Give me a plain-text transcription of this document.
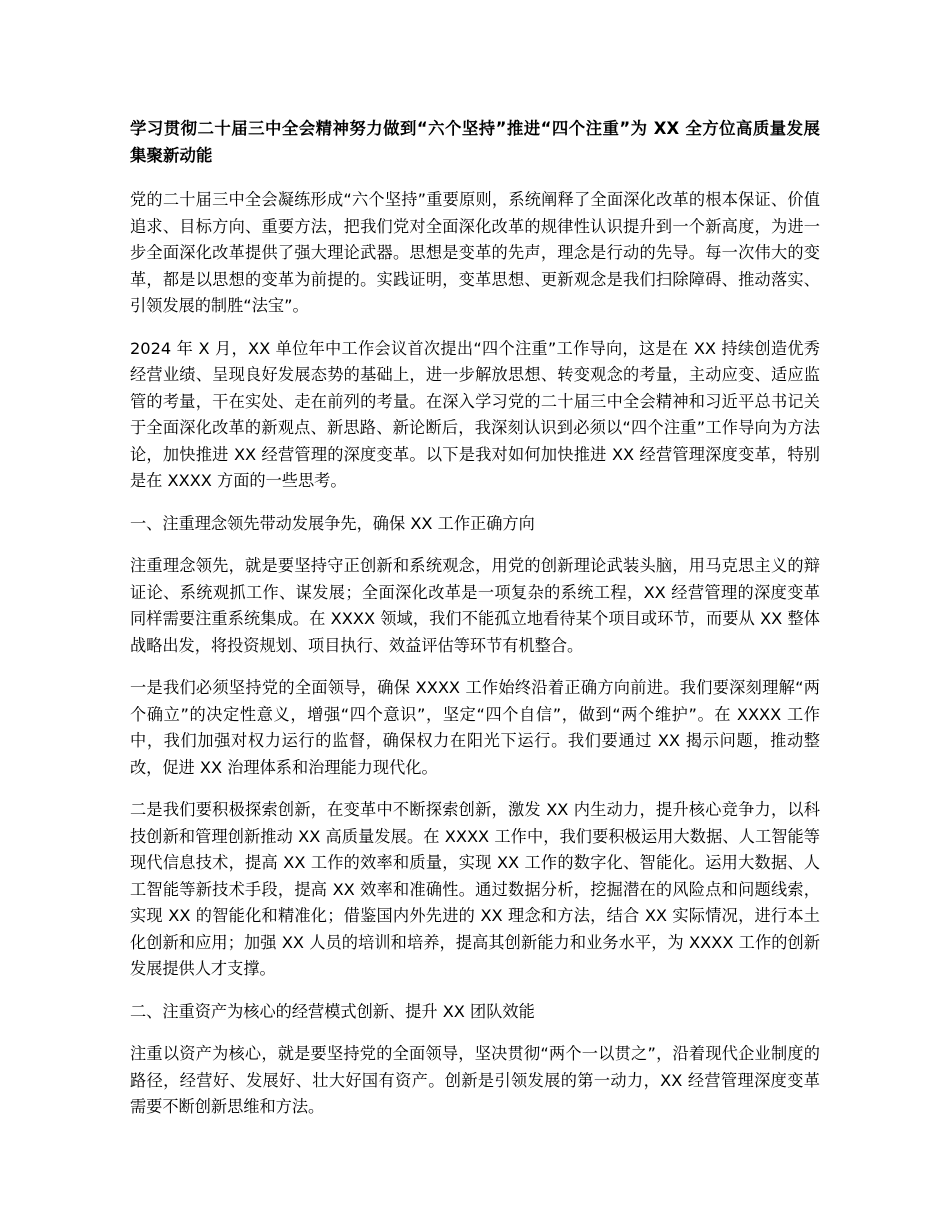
学习贯彻二十届三中全会精神努力做到“六个坚持”推进“四个注重”为 XX 全方位高质量发展集聚新动能

党的二十届三中全会凝练形成“六个坚持”重要原则，系统阐释了全面深化改革的根本保证、价值追求、目标方向、重要方法，把我们党对全面深化改革的规律性认识提升到一个新高度，为进一步全面深化改革提供了强大理论武器。思想是变革的先声，理念是行动的先导。每一次伟大的变革，都是以思想的变革为前提的。实践证明，变革思想、更新观念是我们扫除障碍、推动落实、引领发展的制胜“法宝”。

2024 年 X 月，XX 单位年中工作会议首次提出“四个注重”工作导向，这是在 XX 持续创造优秀经营业绩、呈现良好发展态势的基础上，进一步解放思想、转变观念的考量，主动应变、适应监管的考量，干在实处、走在前列的考量。在深入学习党的二十届三中全会精神和习近平总书记关于全面深化改革的新观点、新思路、新论断后，我深刻认识到必须以“四个注重”工作导向为方法论，加快推进 XX 经营管理的深度变革。以下是我对如何加快推进 XX 经营管理深度变革，特别是在 XXXX 方面的一些思考。

一、注重理念领先带动发展争先，确保 XX 工作正确方向

注重理念领先，就是要坚持守正创新和系统观念，用党的创新理论武装头脑，用马克思主义的辩证论、系统观抓工作、谋发展；全面深化改革是一项复杂的系统工程，XX 经营管理的深度变革同样需要注重系统集成。在 XXXX 领域，我们不能孤立地看待某个项目或环节，而要从 XX 整体战略出发，将投资规划、项目执行、效益评估等环节有机整合。

一是我们必须坚持党的全面领导，确保 XXXX 工作始终沿着正确方向前进。我们要深刻理解“两个确立”的决定性意义，增强“四个意识”，坚定“四个自信”，做到“两个维护”。在 XXXX 工作中，我们加强对权力运行的监督，确保权力在阳光下运行。我们要通过 XX 揭示问题，推动整改，促进 XX 治理体系和治理能力现代化。

二是我们要积极探索创新，在变革中不断探索创新，激发 XX 内生动力，提升核心竞争力，以科技创新和管理创新推动 XX 高质量发展。在 XXXX 工作中，我们要积极运用大数据、人工智能等现代信息技术，提高 XX 工作的效率和质量，实现 XX 工作的数字化、智能化。运用大数据、人工智能等新技术手段，提高 XX 效率和准确性。通过数据分析，挖掘潜在的风险点和问题线索，实现 XX 的智能化和精准化；借鉴国内外先进的 XX 理念和方法，结合 XX 实际情况，进行本土化创新和应用；加强 XX 人员的培训和培养，提高其创新能力和业务水平，为 XXXX 工作的创新发展提供人才支撑。

二、注重资产为核心的经营模式创新、提升 XX 团队效能

注重以资产为核心，就是要坚持党的全面领导，坚决贯彻“两个一以贯之”，沿着现代企业制度的路径，经营好、发展好、壮大好国有资产。创新是引领发展的第一动力，XX 经营管理深度变革需要不断创新思维和方法。
